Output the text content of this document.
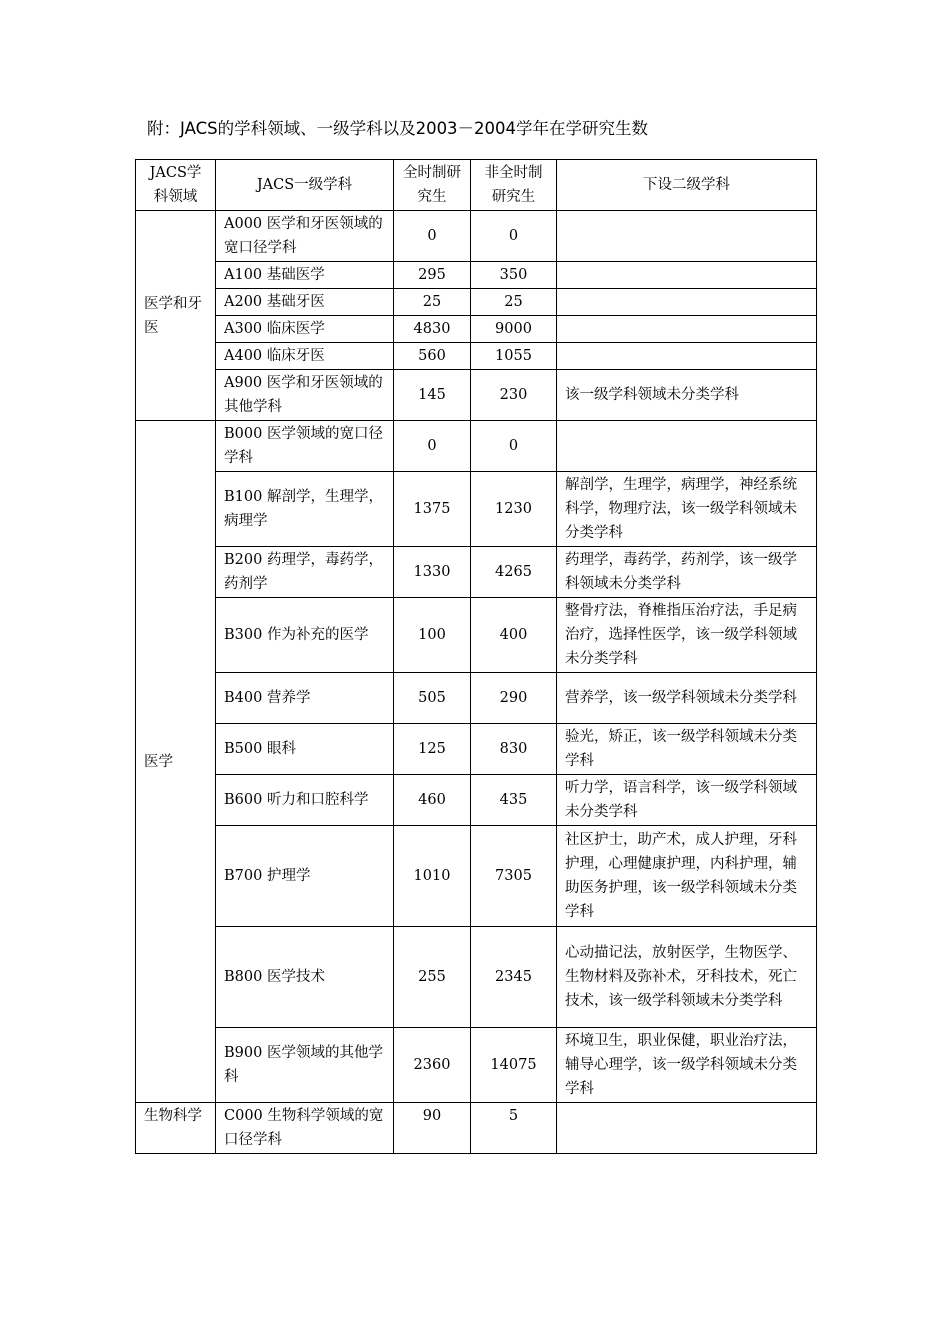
附：JACS的学科领域、一级学科以及2003－2004学年在学研究生数
JACS学科领域	JACS一级学科	全时制研究生	非全时制研究生	下设二级学科
医学和牙医	A000 医学和牙医领域的宽口径学科	0	0	
	A100 基础医学	295	350	
	A200 基础牙医	25	25	
	A300 临床医学	4830	9000	
	A400 临床牙医	560	1055	
	A900 医学和牙医领域的其他学科	145	230	该一级学科领域未分类学科
医学	B000 医学领域的宽口径学科	0	0	
	B100 解剖学，生理学，病理学	1375	1230	解剖学，生理学，病理学，神经系统科学，物理疗法，该一级学科领域未分类学科
	B200 药理学，毒药学，药剂学	1330	4265	药理学，毒药学，药剂学，该一级学科领域未分类学科
	B300 作为补充的医学	100	400	整骨疗法，脊椎指压治疗法，手足病治疗，选择性医学，该一级学科领域未分类学科
	B400 营养学	505	290	营养学，该一级学科领域未分类学科
	B500 眼科	125	830	验光，矫正，该一级学科领域未分类学科
	B600 听力和口腔科学	460	435	听力学，语言科学，该一级学科领域未分类学科
	B700 护理学	1010	7305	社区护士，助产术，成人护理，牙科护理，心理健康护理，内科护理，辅助医务护理，该一级学科领域未分类学科
	B800 医学技术	255	2345	心动描记法，放射医学，生物医学、生物材料及弥补术，牙科技术，死亡技术，该一级学科领域未分类学科
	B900 医学领域的其他学科	2360	14075	环境卫生，职业保健，职业治疗法，辅导心理学，该一级学科领域未分类学科
生物科学	C000 生物科学领域的宽口径学科	90	5	
